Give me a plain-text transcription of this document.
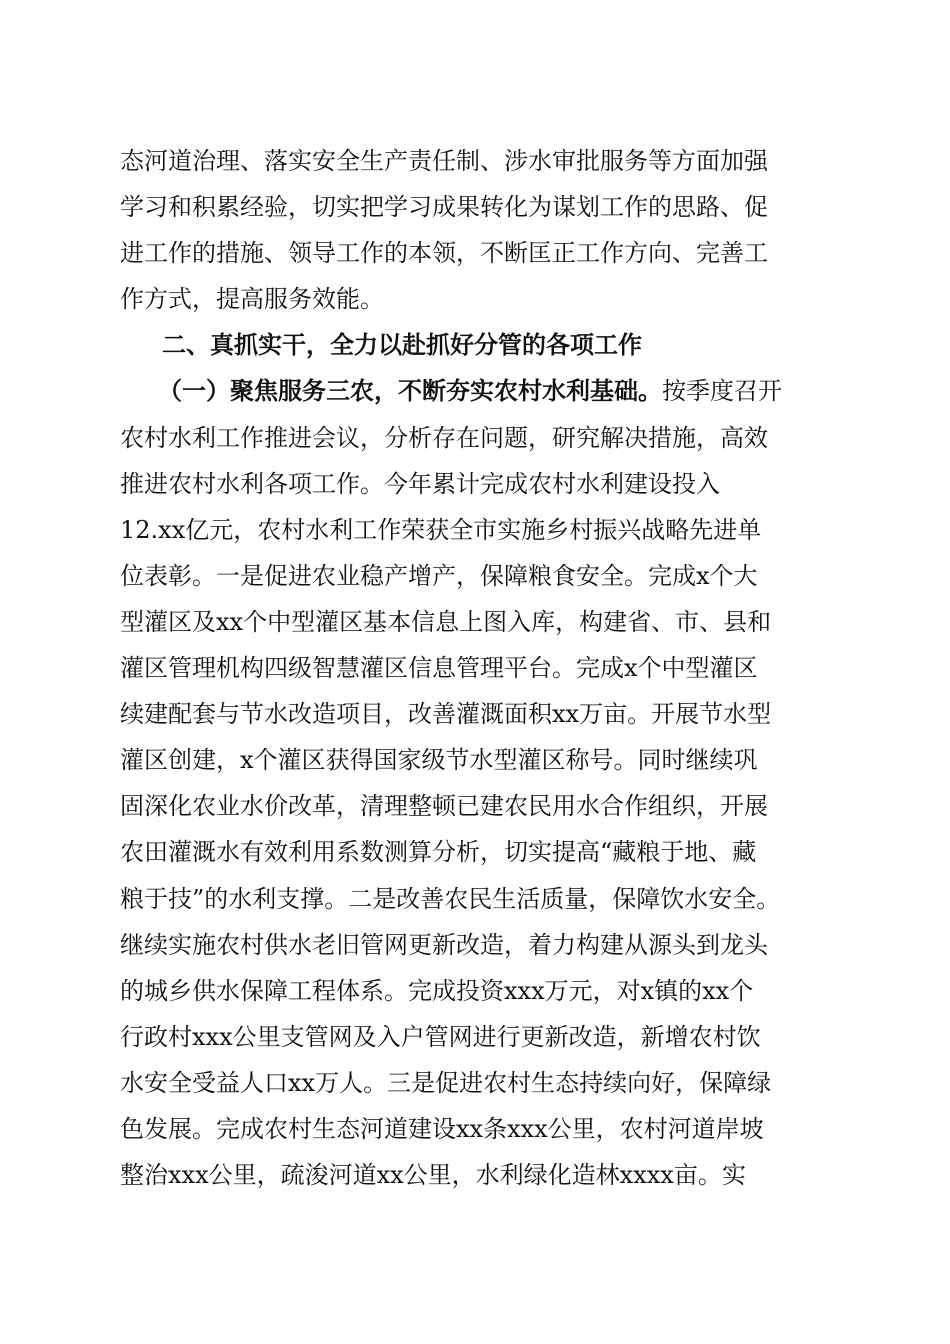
态河道治理、落实安全生产责任制、涉水审批服务等方面加强
学习和积累经验，切实把学习成果转化为谋划工作的思路、促
进工作的措施、领导工作的本领，不断匡正工作方向、完善工
作方式，提高服务效能。
二、真抓实干，全力以赴抓好分管的各项工作
（一）聚焦服务三农，不断夯实农村水利基础。按季度召开
农村水利工作推进会议，分析存在问题，研究解决措施，高效
推进农村水利各项工作。今年累计完成农村水利建设投入
12.xx亿元，农村水利工作荣获全市实施乡村振兴战略先进单
位表彰。一是促进农业稳产增产，保障粮食安全。完成x个大
型灌区及xx个中型灌区基本信息上图入库，构建省、市、县和
灌区管理机构四级智慧灌区信息管理平台。完成x个中型灌区
续建配套与节水改造项目，改善灌溉面积xx万亩。开展节水型
灌区创建，x个灌区获得国家级节水型灌区称号。同时继续巩
固深化农业水价改革，清理整顿已建农民用水合作组织，开展
农田灌溉水有效利用系数测算分析，切实提高“藏粮于地、藏
粮于技”的水利支撑。二是改善农民生活质量，保障饮水安全。
继续实施农村供水老旧管网更新改造，着力构建从源头到龙头
的城乡供水保障工程体系。完成投资xxx万元，对x镇的xx个
行政村xxx公里支管网及入户管网进行更新改造，新增农村饮
水安全受益人口xx万人。三是促进农村生态持续向好，保障绿
色发展。完成农村生态河道建设xx条xxx公里，农村河道岸坡
整治xxx公里，疏浚河道xx公里，水利绿化造林xxxx亩。实
